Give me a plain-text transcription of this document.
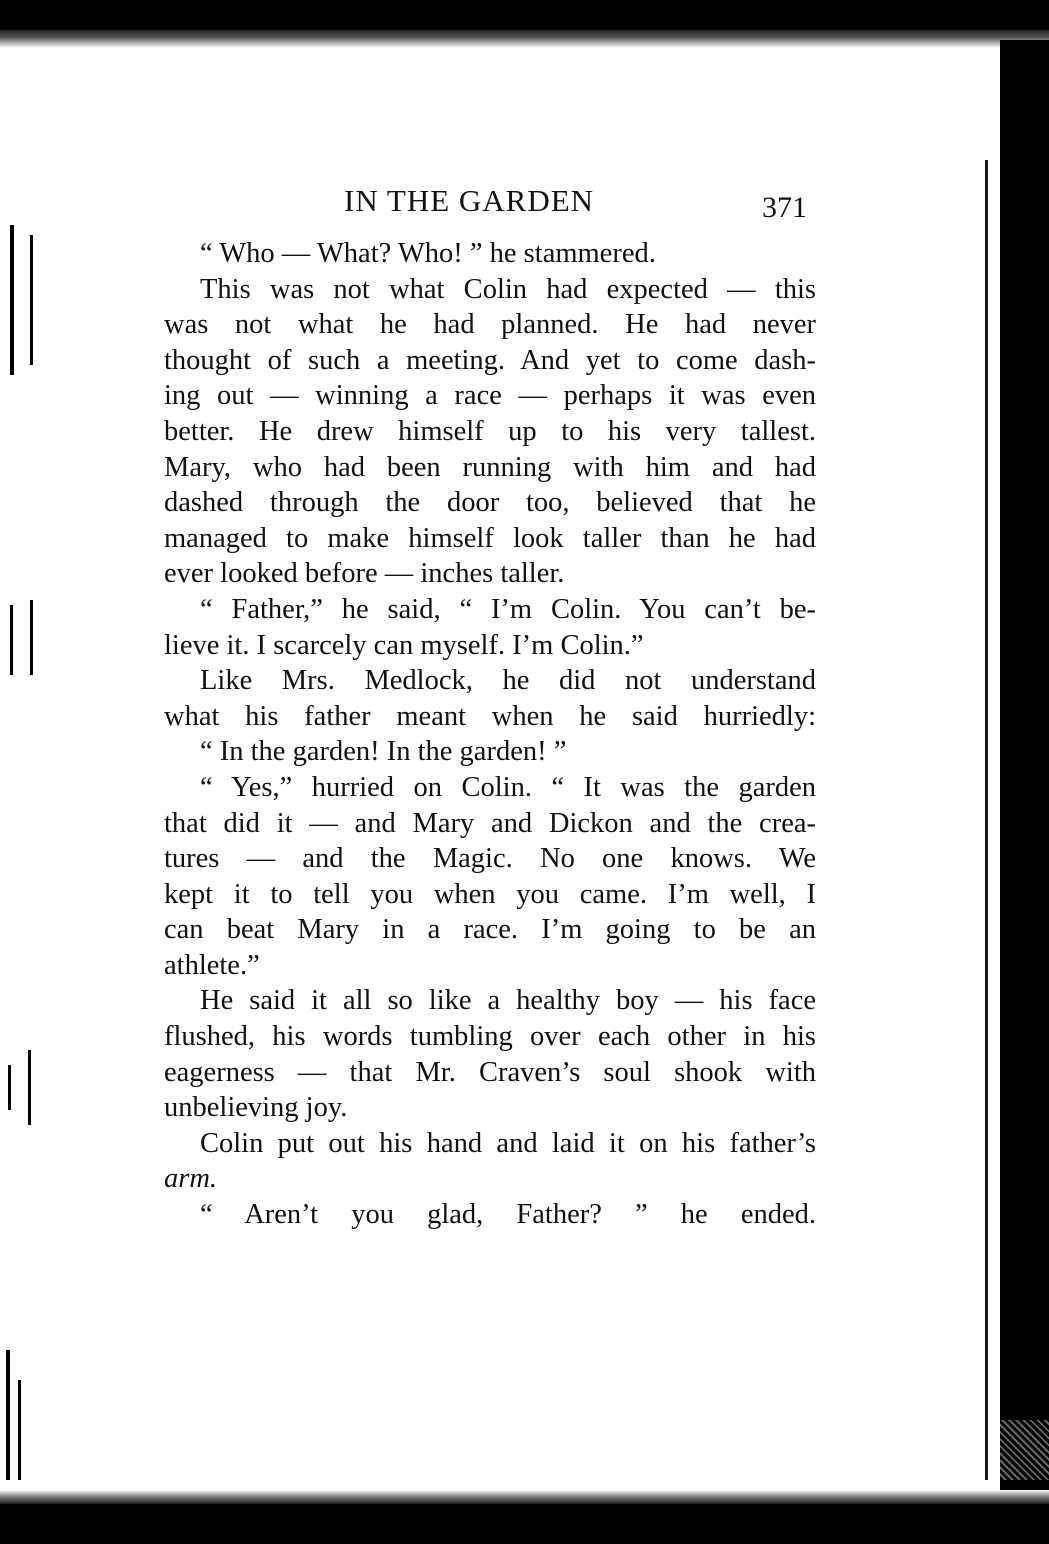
IN THE GARDEN	371
“ Who — What? Who! ” he stammered.
This was not what Colin had expected — this
was not what he had planned. He had never
thought of such a meeting. And yet to come dash-
ing out — winning a race — perhaps it was even
better. He drew himself up to his very tallest.
Mary, who had been running with him and had
dashed through the door too, believed that he
managed to make himself look taller than he had
ever looked before — inches taller.
“ Father,” he said, “ I’m Colin. You can’t be-
lieve it. I scarcely can myself. I’m Colin.”
Like Mrs. Medlock, he did not understand
what his father meant when he said hurriedly:
“ In the garden! In the garden! ”
“ Yes,” hurried on Colin. “ It was the garden
that did it — and Mary and Dickon and the crea-
tures — and the Magic. No one knows. We
kept it to tell you when you came. I’m well, I
can beat Mary in a race. I’m going to be an
athlete.”
He said it all so like a healthy boy — his face
flushed, his words tumbling over each other in his
eagerness — that Mr. Craven’s soul shook with
unbelieving joy.
Colin put out his hand and laid it on his father’s
arm.
“ Aren’t you glad, Father? ” he ended.
